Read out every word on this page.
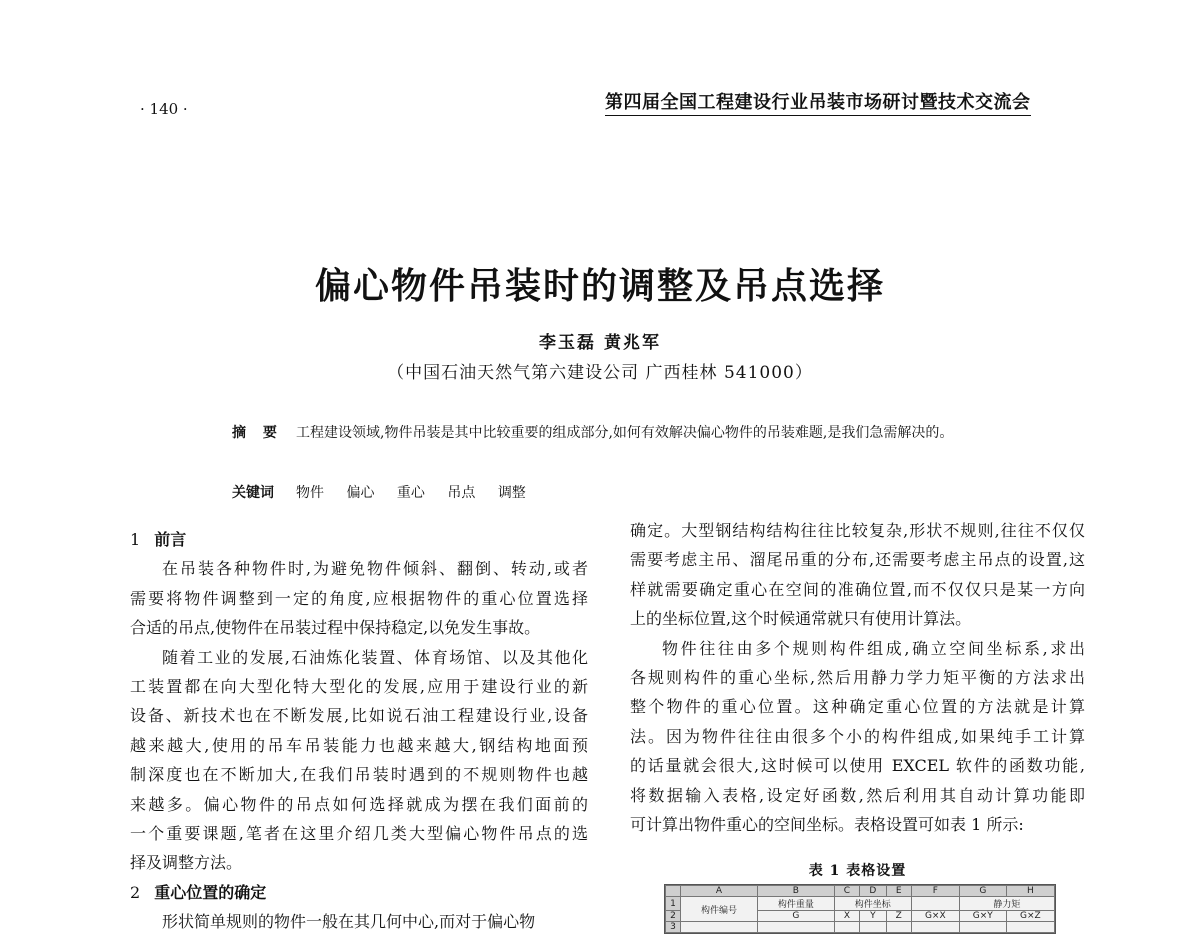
· 140 ·	第四届全国工程建设行业吊装市场研讨暨技术交流会
偏心物件吊装时的调整及吊点选择
李玉磊 黄兆军
（中国石油天然气第六建设公司 广西桂林 541000）
摘 要 工程建设领域,物件吊装是其中比较重要的组成部分,如何有效解决偏心物件的吊装难题,是我们急需解决的。
关键词 物件 偏心 重心 吊点 调整
1 前言

在吊装各种物件时,为避免物件倾斜、翻倒、转动,或者

需要将物件调整到一定的角度,应根据物件的重心位置选择

合适的吊点,使物件在吊装过程中保持稳定,以免发生事故。

随着工业的发展,石油炼化装置、体育场馆、以及其他化

工装置都在向大型化特大型化的发展,应用于建设行业的新

设备、新技术也在不断发展,比如说石油工程建设行业,设备

越来越大,使用的吊车吊装能力也越来越大,钢结构地面预

制深度也在不断加大,在我们吊装时遇到的不规则物件也越

来越多。偏心物件的吊点如何选择就成为摆在我们面前的

一个重要课题,笔者在这里介绍几类大型偏心物件吊点的选

择及调整方法。

2 重心位置的确定

形状简单规则的物件一般在其几何中心,而对于偏心物

确定。大型钢结构结构往往比较复杂,形状不规则,往往不仅仅

需要考虑主吊、溜尾吊重的分布,还需要考虑主吊点的设置,这

样就需要确定重心在空间的准确位置,而不仅仅只是某一方向

上的坐标位置,这个时候通常就只有使用计算法。

物件往往由多个规则构件组成,确立空间坐标系,求出

各规则构件的重心坐标,然后用静力学力矩平衡的方法求出

整个物件的重心位置。这种确定重心位置的方法就是计算

法。因为物件往往由很多个小的构件组成,如果纯手工计算

的话量就会很大,这时候可以使用 EXCEL 软件的函数功能,

将数据输入表格,设定好函数,然后利用其自动计算功能即

可计算出物件重心的空间坐标。表格设置可如表 1 所示:

表 1 表格设置
	A	B	C	D	E	F	G	H
1	构件编号	构件重量	构件坐标				静力矩	
2		G	X	Y	Z	G×X	G×Y	G×Z
3								
